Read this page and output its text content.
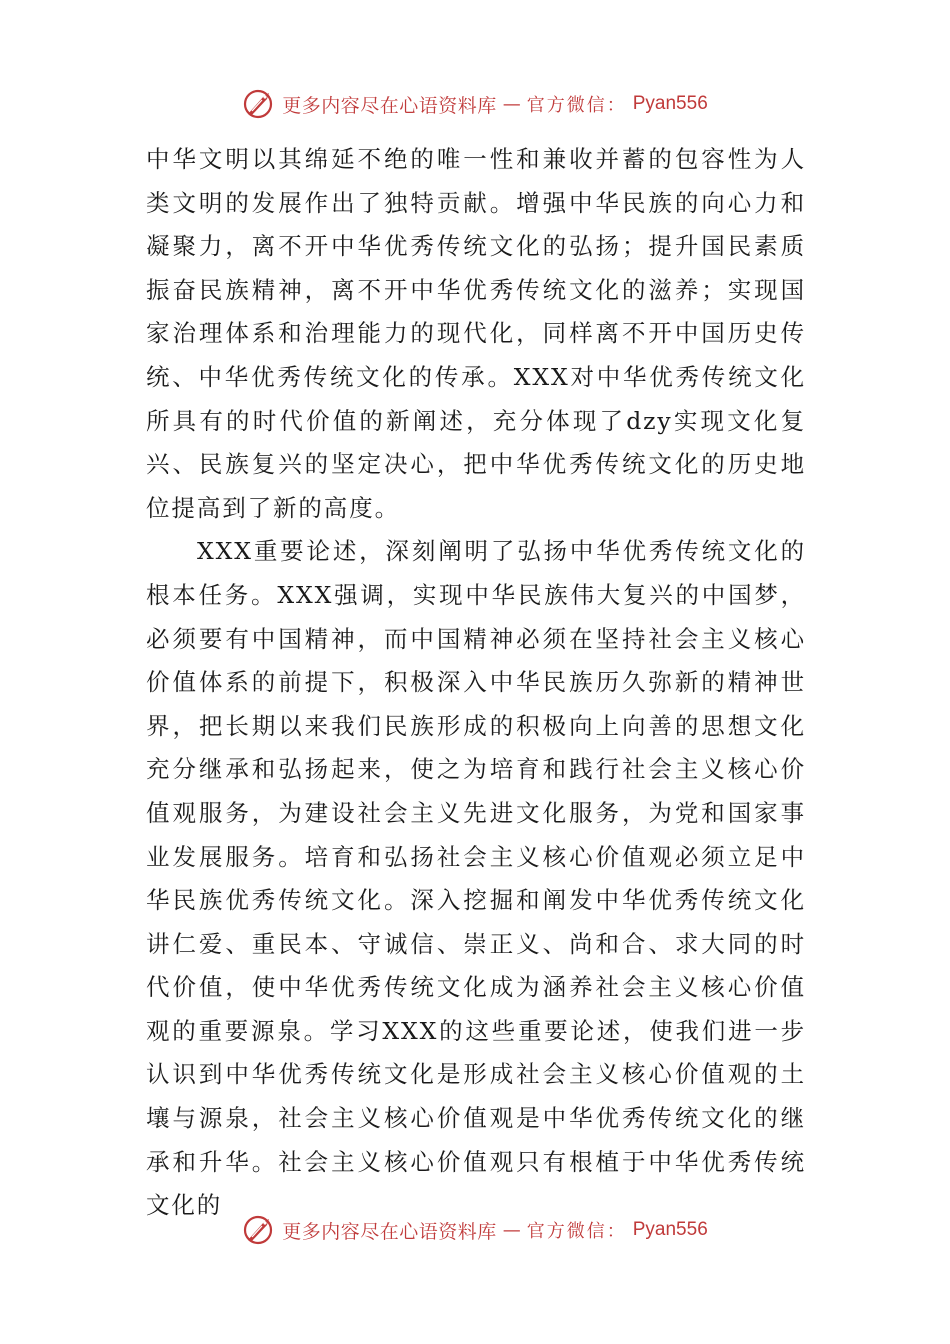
更多内容尽在心语资料库 — 官方微信： Pyan556

中华文明以其绵延不绝的唯一性和兼收并蓄的包容性为人类文明的发展作出了独特贡献。增强中华民族的向心力和凝聚力，离不开中华优秀传统文化的弘扬；提升国民素质振奋民族精神，离不开中华优秀传统文化的滋养；实现国家治理体系和治理能力的现代化，同样离不开中国历史传统、中华优秀传统文化的传承。XXX对中华优秀传统文化所具有的时代价值的新阐述，充分体现了dzy实现文化复兴、民族复兴的坚定决心，把中华优秀传统文化的历史地位提高到了新的高度。

XXX重要论述，深刻阐明了弘扬中华优秀传统文化的根本任务。XXX强调，实现中华民族伟大复兴的中国梦，必须要有中国精神，而中国精神必须在坚持社会主义核心价值体系的前提下，积极深入中华民族历久弥新的精神世界，把长期以来我们民族形成的积极向上向善的思想文化充分继承和弘扬起来，使之为培育和践行社会主义核心价值观服务，为建设社会主义先进文化服务，为党和国家事业发展服务。培育和弘扬社会主义核心价值观必须立足中华民族优秀传统文化。深入挖掘和阐发中华优秀传统文化讲仁爱、重民本、守诚信、崇正义、尚和合、求大同的时代价值，使中华优秀传统文化成为涵养社会主义核心价值观的重要源泉。学习XXX的这些重要论述，使我们进一步认识到中华优秀传统文化是形成社会主义核心价值观的土壤与源泉，社会主义核心价值观是中华优秀传统文化的继承和升华。社会主义核心价值观只有根植于中华优秀传统文化的

更多内容尽在心语资料库 — 官方微信： Pyan556
